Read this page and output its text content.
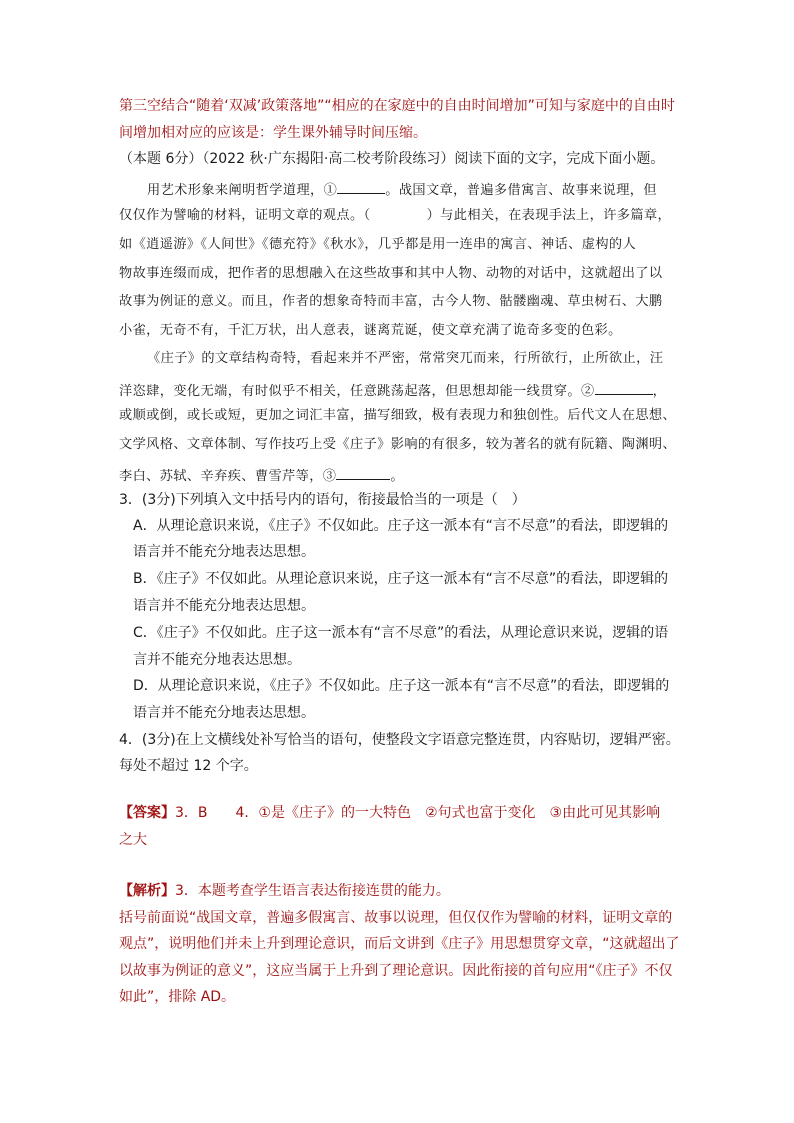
第三空结合“随着‘双减’政策落地”“相应的在家庭中的自由时间增加”可知与家庭中的自由时
间增加相对应的应该是：学生课外辅导时间压缩。
（本题 6分）（2022 秋·广东揭阳·高二校考阶段练习）阅读下面的文字，完成下面小题。
用艺术形象来阐明哲学道理，①	。战国文章，普遍多借寓言、故事来说理，但
仅仅作为譬喻的材料，证明文章的观点。（	）与此相关，在表现手法上，许多篇章，
如《逍遥游》《人间世》《德充符》《秋水》，几乎都是用一连串的寓言、神话、虚构的人
物故事连缀而成，把作者的思想融入在这些故事和其中人物、动物的对话中，这就超出了以
故事为例证的意义。而且，作者的想象奇特而丰富，古今人物、骷髅幽魂、草虫树石、大鹏
小雀，无奇不有，千汇万状，出人意表，谜离荒诞，使文章充满了诡奇多变的色彩。
《庄子》的文章结构奇特，看起来并不严密，常常突兀而来，行所欲行，止所欲止，汪
洋恣肆，变化无端，有时似乎不相关，任意跳荡起落，但思想却能一线贯穿。②	，
或顺或倒，或长或短，更加之词汇丰富，描写细致，极有表现力和独创性。后代文人在思想、
文学风格、文章体制、写作技巧上受《庄子》影响的有很多，较为著名的就有阮籍、陶渊明、
李白、苏轼、辛弃疾、曹雪芹等，③	。
3．(3分)下列填入文中括号内的语句，衔接最恰当的一项是（　）
A．从理论意识来说，《庄子》不仅如此。庄子这一派本有“言不尽意”的看法，即逻辑的
语言并不能充分地表达思想。
B．《庄子》不仅如此。从理论意识来说，庄子这一派本有“言不尽意”的看法，即逻辑的
语言并不能充分地表达思想。
C．《庄子》不仅如此。庄子这一派本有“言不尽意”的看法，从理论意识来说，逻辑的语
言并不能充分地表达思想。
D．从理论意识来说，《庄子》不仅如此。庄子这一派本有“言不尽意”的看法，即逻辑的
语言并不能充分地表达思想。
4．(3分)在上文横线处补写恰当的语句，使整段文字语意完整连贯，内容贴切，逻辑严密。
每处不超过 12 个字。
【答案】3．B　　4．①是《庄子》的一大特色　②句式也富于变化　③由此可见其影响
之大
【解析】3．本题考查学生语言表达衔接连贯的能力。
括号前面说“战国文章，普遍多假寓言、故事以说理，但仅仅作为譬喻的材料，证明文章的
观点”，说明他们并未上升到理论意识，而后文讲到《庄子》用思想贯穿文章，“这就超出了
以故事为例证的意义”，这应当属于上升到了理论意识。因此衔接的首句应用“《庄子》不仅
如此”，排除 AD。
